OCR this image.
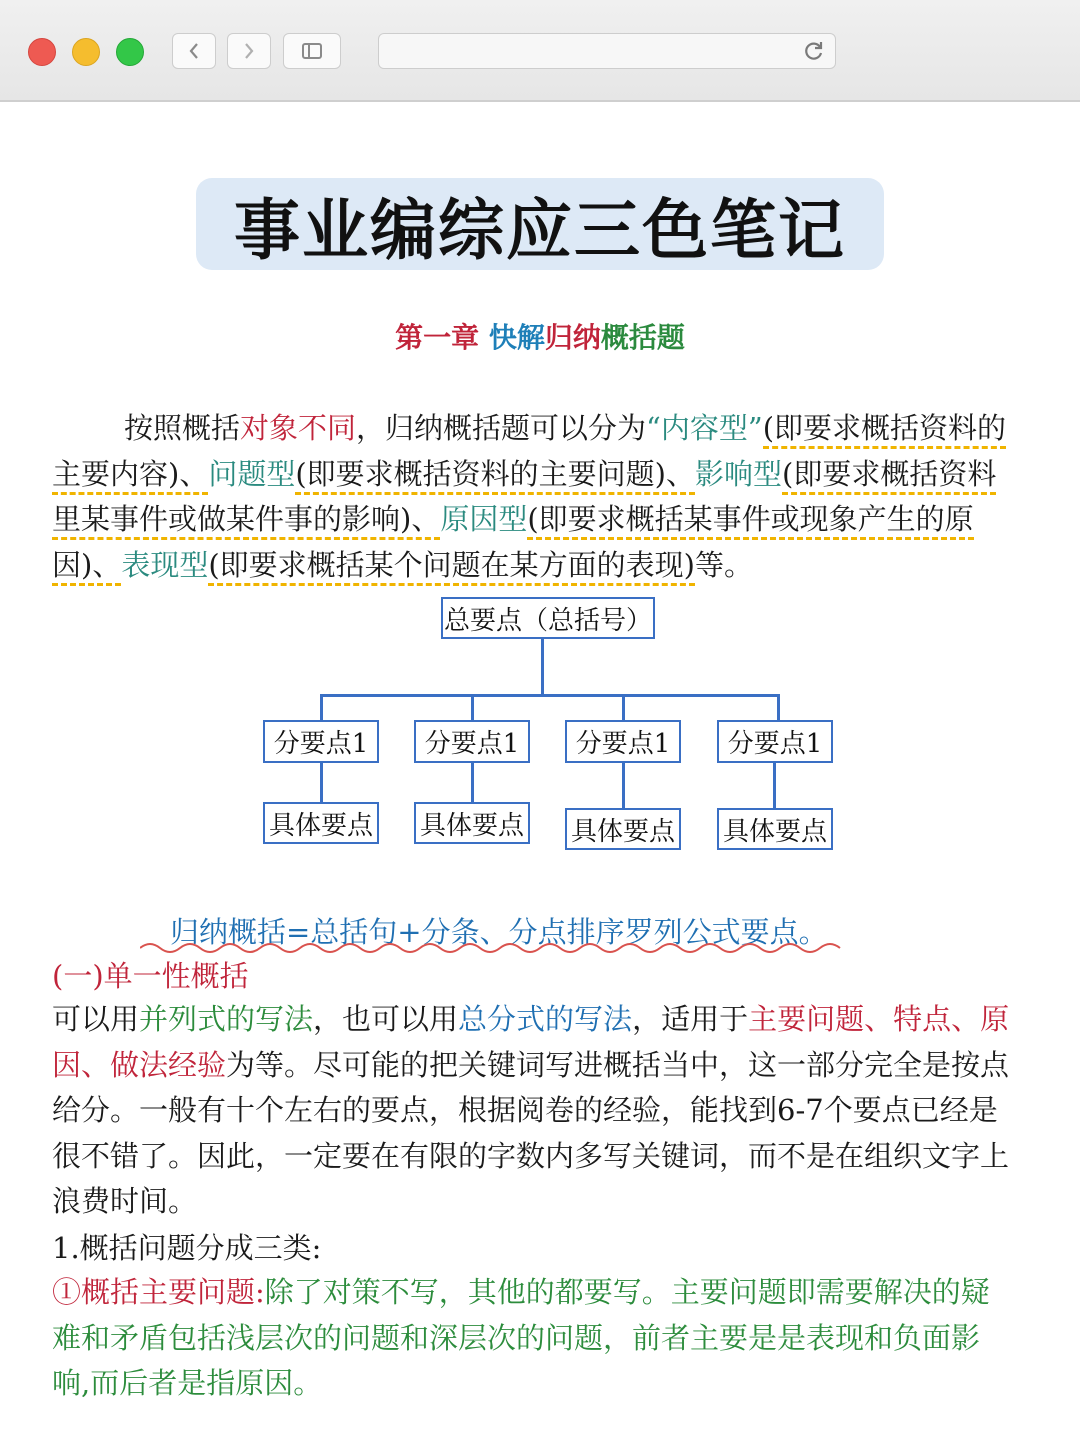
事业编综应三色笔记
第一章 快解归纳概括题
按照概括对象不同，归纳概括题可以分为“内容型”(即要求概括资料的主要内容)、问题型(即要求概括资料的主要问题)、影响型(即要求概括资料里某事件或做某件事的影响)、原因型(即要求概括某事件或现象产生的原因)、表现型(即要求概括某个问题在某方面的表现)等。
总要点（总括号）
分要点1	分要点1	分要点1	分要点1
具体要点 具体要点 具体要点 具体要点
归纳概括=总括句+分条、分点排序罗列公式要点。
(一)单一性概括
可以用并列式的写法，也可以用总分式的写法，适用于主要问题、特点、原因、做法经验为等。尽可能的把关键词写进概括当中，这一部分完全是按点给分。一般有十个左右的要点，根据阅卷的经验，能找到6-7个要点已经是很不错了。因此，一定要在有限的字数内多写关键词，而不是在组织文字上浪费时间。
1.概括问题分成三类:
①概括主要问题:除了对策不写，其他的都要写。主要问题即需要解决的疑难和矛盾包括浅层次的问题和深层次的问题，前者主要是是表现和负面影响,而后者是指原因。
